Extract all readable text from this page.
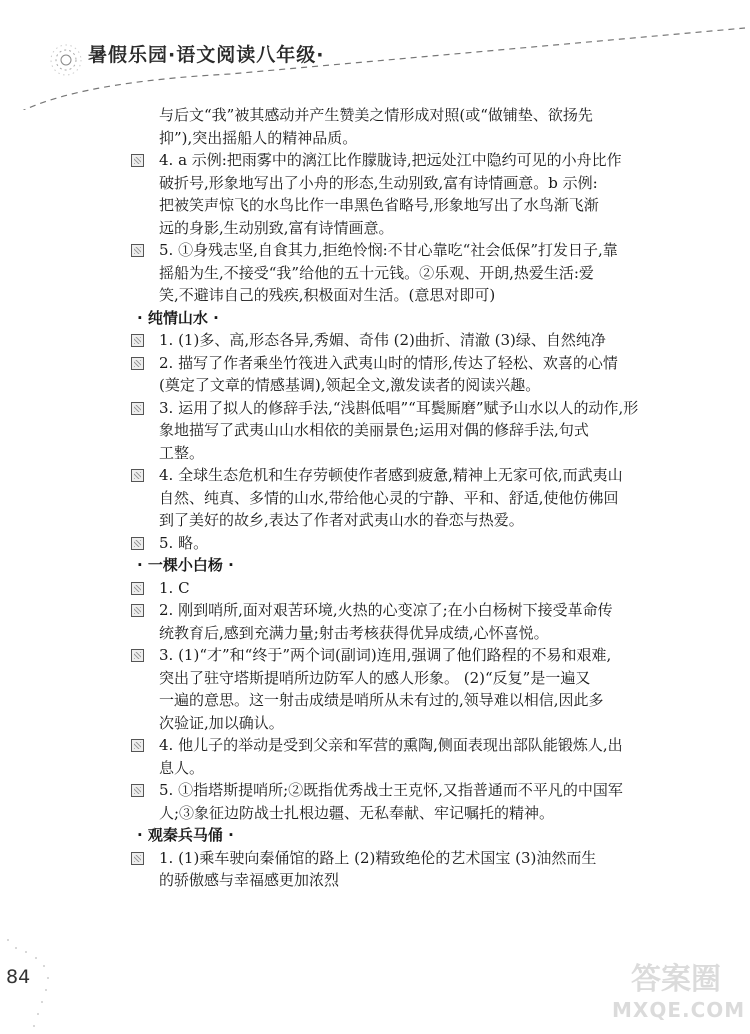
暑假乐园·语文阅读八年级·
与后文“我”被其感动并产生赞美之情形成对照(或“做铺垫、欲扬先
抑”),突出摇船人的精神品质。
4. a 示例:把雨雾中的漓江比作朦胧诗,把远处江中隐约可见的小舟比作
破折号,形象地写出了小舟的形态,生动别致,富有诗情画意。b 示例:
把被笑声惊飞的水鸟比作一串黑色省略号,形象地写出了水鸟渐飞渐
远的身影,生动别致,富有诗情画意。
5. ①身残志坚,自食其力,拒绝怜悯:不甘心靠吃“社会低保”打发日子,靠
摇船为生,不接受“我”给他的五十元钱。②乐观、开朗,热爱生活:爱
笑,不避讳自己的残疾,积极面对生活。(意思对即可)
· 纯情山水 ·
1. (1)多、高,形态各异,秀媚、奇伟 (2)曲折、清澈 (3)绿、自然纯净
2. 描写了作者乘坐竹筏进入武夷山时的情形,传达了轻松、欢喜的心情
(奠定了文章的情感基调),领起全文,激发读者的阅读兴趣。
3. 运用了拟人的修辞手法,“浅斟低唱”“耳鬓厮磨”赋予山水以人的动作,形
象地描写了武夷山山水相依的美丽景色;运用对偶的修辞手法,句式
工整。
4. 全球生态危机和生存劳顿使作者感到疲惫,精神上无家可依,而武夷山
自然、纯真、多情的山水,带给他心灵的宁静、平和、舒适,使他仿佛回
到了美好的故乡,表达了作者对武夷山水的眷恋与热爱。
5. 略。
· 一棵小白杨 ·
1. C
2. 刚到哨所,面对艰苦环境,火热的心变凉了;在小白杨树下接受革命传
统教育后,感到充满力量;射击考核获得优异成绩,心怀喜悦。
3. (1)“才”和“终于”两个词(副词)连用,强调了他们路程的不易和艰难,
突出了驻守塔斯提哨所边防军人的感人形象。 (2)“反复”是一遍又
一遍的意思。这一射击成绩是哨所从未有过的,领导难以相信,因此多
次验证,加以确认。
4. 他儿子的举动是受到父亲和军营的熏陶,侧面表现出部队能锻炼人,出
息人。
5. ①指塔斯提哨所;②既指优秀战士王克怀,又指普通而不平凡的中国军
人;③象征边防战士扎根边疆、无私奉献、牢记嘱托的精神。
· 观秦兵马俑 ·
1. (1)乘车驶向秦俑馆的路上 (2)精致绝伦的艺术国宝 (3)油然而生
的骄傲感与幸福感更加浓烈
84	答案圈
MXQE.COM
